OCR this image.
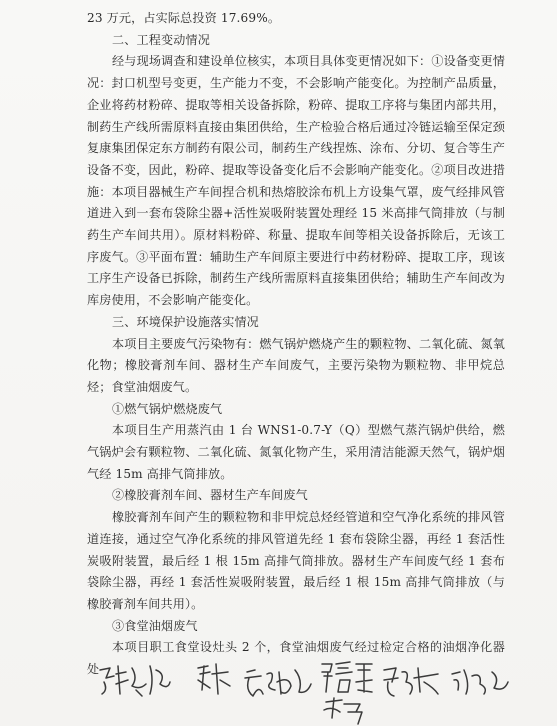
23 万元，占实际总投资 17.69%。

二、工程变动情况

经与现场调查和建设单位核实，本项目具体变更情况如下：①设备变更情况：封口机型号变更，生产能力不变，不会影响产能变化。为控制产品质量，企业将药材粉碎、提取等相关设备拆除，粉碎、提取工序将与集团内部共用，制药生产线所需原料直接由集团供给，生产检验合格后通过冷链运输至保定颈复康集团保定东方制药有限公司，制药生产线捏炼、涂布、分切、复合等生产设备不变，因此，粉碎、提取等设备变化后不会影响产能变化。②项目改进措施：本项目器械生产车间捏合机和热熔胶涂布机上方设集气罩，废气经排风管道进入到一套布袋除尘器+活性炭吸附装置处理经 15 米高排气筒排放（与制药生产车间共用）。原材料粉碎、称量、提取车间等相关设备拆除后，无该工序废气。③平面布置：辅助生产车间原主要进行中药材粉碎、提取工序，现该工序生产设备已拆除，制药生产线所需原料直接集团供给；辅助生产车间改为库房使用，不会影响产能变化。

三、环境保护设施落实情况

本项目主要废气污染物有：燃气锅炉燃烧产生的颗粒物、二氧化硫、氮氧化物；橡胶膏剂车间、器材生产车间废气，主要污染物为颗粒物、非甲烷总烃；食堂油烟废气。

①燃气锅炉燃烧废气

本项目生产用蒸汽由 1 台 WNS1-0.7-Y（Q）型燃气蒸汽锅炉供给，燃气锅炉会有颗粒物、二氧化硫、氮氧化物产生，采用清洁能源天然气，锅炉烟气经 15m 高排气筒排放。

②橡胶膏剂车间、器材生产车间废气

橡胶膏剂车间产生的颗粒物和非甲烷总烃经管道和空气净化系统的排风管道连接，通过空气净化系统的排风管道先经 1 套布袋除尘器，再经 1 套活性炭吸附装置，最后经 1 根 15m 高排气筒排放。器材生产车间废气经 1 套布袋除尘器，再经 1 套活性炭吸附装置，最后经 1 根 15m 高排气筒排放（与橡胶膏剂车间共用）。

③食堂油烟废气

本项目职工食堂设灶头 2 个，食堂油烟废气经过检定合格的油烟净化器处
